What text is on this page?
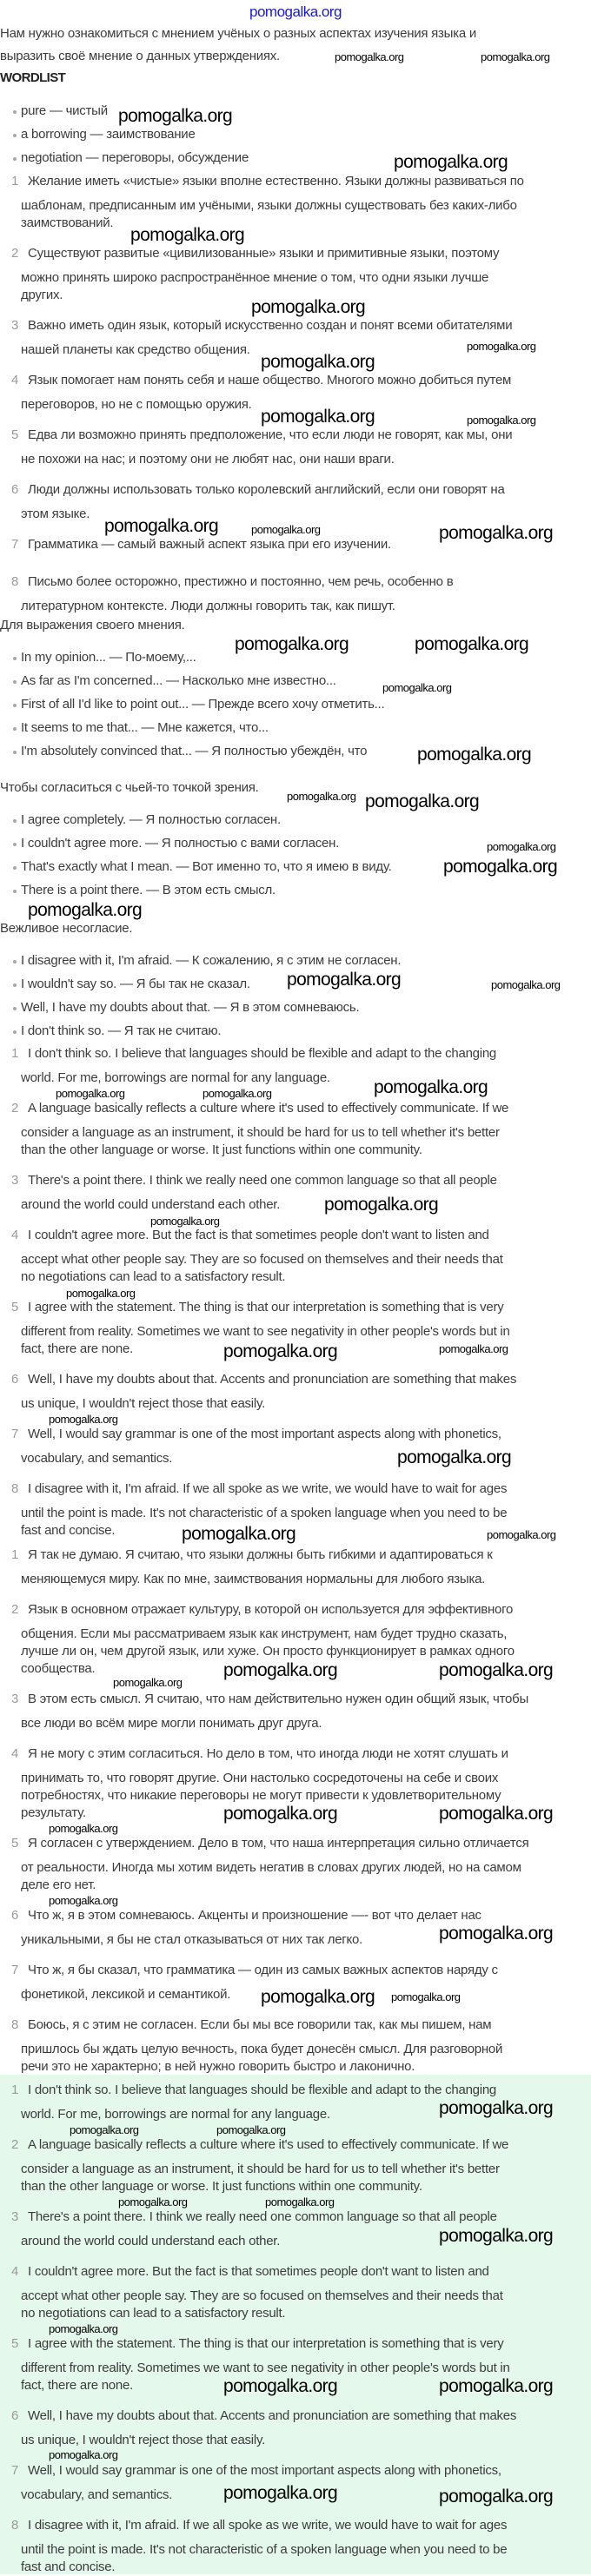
pomogalka.org
Нам нужно ознакомиться с мнением учёных о разных аспектах изучения языка и
выразить своё мнение о данных утверждениях.
WORDLIST
pure — чистый
a borrowing — заимствование
negotiation — переговоры, обсуждение
1 Желание иметь «чистые» языки вполне естественно. Языки должны развиваться по
шаблонам, предписанным им учёными, языки должны существовать без каких-либо
заимствований.
2 Существуют развитые «цивилизованные» языки и примитивные языки, поэтому
можно принять широко распространённое мнение о том, что одни языки лучше
других.
3 Важно иметь один язык, который искусственно создан и понят всеми обитателями
нашей планеты как средство общения.
4 Язык помогает нам понять себя и наше общество. Многого можно добиться путем
переговоров, но не с помощью оружия.
5 Едва ли возможно принять предположение, что если люди не говорят, как мы, они
не похожи на нас; и поэтому они не любят нас, они наши враги.
6 Люди должны использовать только королевский английский, если они говорят на
этом языке.
7 Грамматика — самый важный аспект языка при его изучении.
8 Письмо более осторожно, престижно и постоянно, чем речь, особенно в
литературном контексте. Люди должны говорить так, как пишут.
Для выражения своего мнения.
In my opinion... — По-моему,...
As far as I'm concerned... — Насколько мне известно...
First of all I'd like to point out... — Прежде всего хочу отметить...
It seems to me that... — Мне кажется, что...
I'm absolutely convinced that... — Я полностью убеждён, что
Чтобы согласиться с чьей-то точкой зрения.
I agree completely. — Я полностью согласен.
I couldn't agree more. — Я полностью с вами согласен.
That's exactly what I mean. — Вот именно то, что я имею в виду.
There is a point there. — В этом есть смысл.
Вежливое несогласие.
I disagree with it, I'm afraid. — К сожалению, я с этим не согласен.
I wouldn't say so. — Я бы так не сказал.
Well, I have my doubts about that. — Я в этом сомневаюсь.
I don't think so. — Я так не считаю.
1 I don't think so. I believe that languages should be flexible and adapt to the changing
world. For me, borrowings are normal for any language.
2 A language basically reflects a culture where it's used to effectively communicate. If we
consider a language as an instrument, it should be hard for us to tell whether it's better
than the other language or worse. It just functions within one community.
3 There's a point there. I think we really need one common language so that all people
around the world could understand each other.
4 I couldn't agree more. But the fact is that sometimes people don't want to listen and
accept what other people say. They are so focused on themselves and their needs that
no negotiations can lead to a satisfactory result.
5 I agree with the statement. The thing is that our interpretation is something that is very
different from reality. Sometimes we want to see negativity in other people's words but in
fact, there are none.
6 Well, I have my doubts about that. Accents and pronunciation are something that makes
us unique, I wouldn't reject those that easily.
7 Well, I would say grammar is one of the most important aspects along with phonetics,
vocabulary, and semantics.
8 I disagree with it, I'm afraid. If we all spoke as we write, we would have to wait for ages
until the point is made. It's not characteristic of a spoken language when you need to be
fast and concise.
1 Я так не думаю. Я считаю, что языки должны быть гибкими и адаптироваться к
меняющемуся миру. Как по мне, заимствования нормальны для любого языка.
2 Язык в основном отражает культуру, в которой он используется для эффективного
общения. Если мы рассматриваем язык как инструмент, нам будет трудно сказать,
лучше ли он, чем другой язык, или хуже. Он просто функционирует в рамках одного
сообщества.
3 В этом есть смысл. Я считаю, что нам действительно нужен один общий язык, чтобы
все люди во всём мире могли понимать друг друга.
4 Я не могу с этим согласиться. Но дело в том, что иногда люди не хотят слушать и
принимать то, что говорят другие. Они настолько сосредоточены на себе и своих
потребностях, что никакие переговоры не могут привести к удовлетворительному
результату.
5 Я согласен с утверждением. Дело в том, что наша интерпретация сильно отличается
от реальности. Иногда мы хотим видеть негатив в словах других людей, но на самом
деле его нет.
6 Что ж, я в этом сомневаюсь. Акценты и произношение —- вот что делает нас
уникальными, я бы не стал отказываться от них так легко.
7 Что ж, я бы сказал, что грамматика — один из самых важных аспектов наряду с
фонетикой, лексикой и семантикой.
8 Боюсь, я с этим не согласен. Если бы мы все говорили так, как мы пишем, нам
пришлось бы ждать целую вечность, пока будет донесён смысл. Для разговорной
речи это не характерно; в ней нужно говорить быстро и лаконично.
1 I don't think so. I believe that languages should be flexible and adapt to the changing
world. For me, borrowings are normal for any language.
2 A language basically reflects a culture where it's used to effectively communicate. If we
consider a language as an instrument, it should be hard for us to tell whether it's better
than the other language or worse. It just functions within one community.
3 There's a point there. I think we really need one common language so that all people
around the world could understand each other.
4 I couldn't agree more. But the fact is that sometimes people don't want to listen and
accept what other people say. They are so focused on themselves and their needs that
no negotiations can lead to a satisfactory result.
5 I agree with the statement. The thing is that our interpretation is something that is very
different from reality. Sometimes we want to see negativity in other people's words but in
fact, there are none.
6 Well, I have my doubts about that. Accents and pronunciation are something that makes
us unique, I wouldn't reject those that easily.
7 Well, I would say grammar is one of the most important aspects along with phonetics,
vocabulary, and semantics.
8 I disagree with it, I'm afraid. If we all spoke as we write, we would have to wait for ages
until the point is made. It's not characteristic of a spoken language when you need to be
fast and concise.
pomogalka.org	pomogalka.org
pomogalka.org
pomogalka.org
pomogalka.org
pomogalka.org
pomogalka.org
pomogalka.org
pomogalka.org	pomogalka.org
pomogalka.org	pomogalka.org	pomogalka.org
pomogalka.org	pomogalka.org
pomogalka.org
pomogalka.org
pomogalka.org
pomogalka.org
pomogalka.org
pomogalka.org
pomogalka.org
pomogalka.org	pomogalka.org
pomogalka.org	pomogalka.org	pomogalka.org
pomogalka.org
pomogalka.org
pomogalka.org
pomogalka.org	pomogalka.org
pomogalka.org
pomogalka.org
pomogalka.org	pomogalka.org
pomogalka.org	pomogalka.org
pomogalka.org
pomogalka.org	pomogalka.org
pomogalka.org
pomogalka.org
pomogalka.org
pomogalka.org pomogalka.org
pomogalka.org
pomogalka.org	pomogalka.org
pomogalka.org	pomogalka.org
pomogalka.org
pomogalka.org
pomogalka.org	pomogalka.org
pomogalka.org
pomogalka.org	pomogalka.org
